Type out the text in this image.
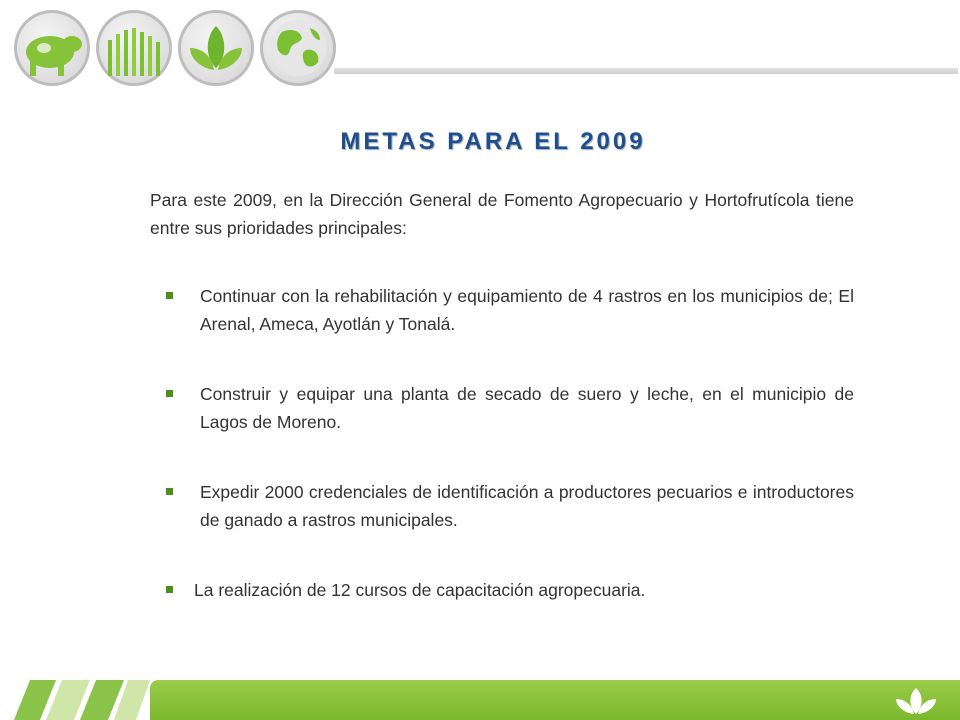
METAS PARA EL 2009
Para este 2009, en la Dirección General de Fomento Agropecuario y Hortofrutícola tiene entre sus prioridades principales:
Continuar con la rehabilitación y equipamiento de 4 rastros en los municipios de; El Arenal, Ameca, Ayotlán y Tonalá.
Construir y equipar una planta de secado de suero y leche, en el municipio de Lagos de Moreno.
Expedir 2000 credenciales de identificación a productores pecuarios e introductores de ganado a rastros municipales.
La realización de 12 cursos de capacitación agropecuaria.
